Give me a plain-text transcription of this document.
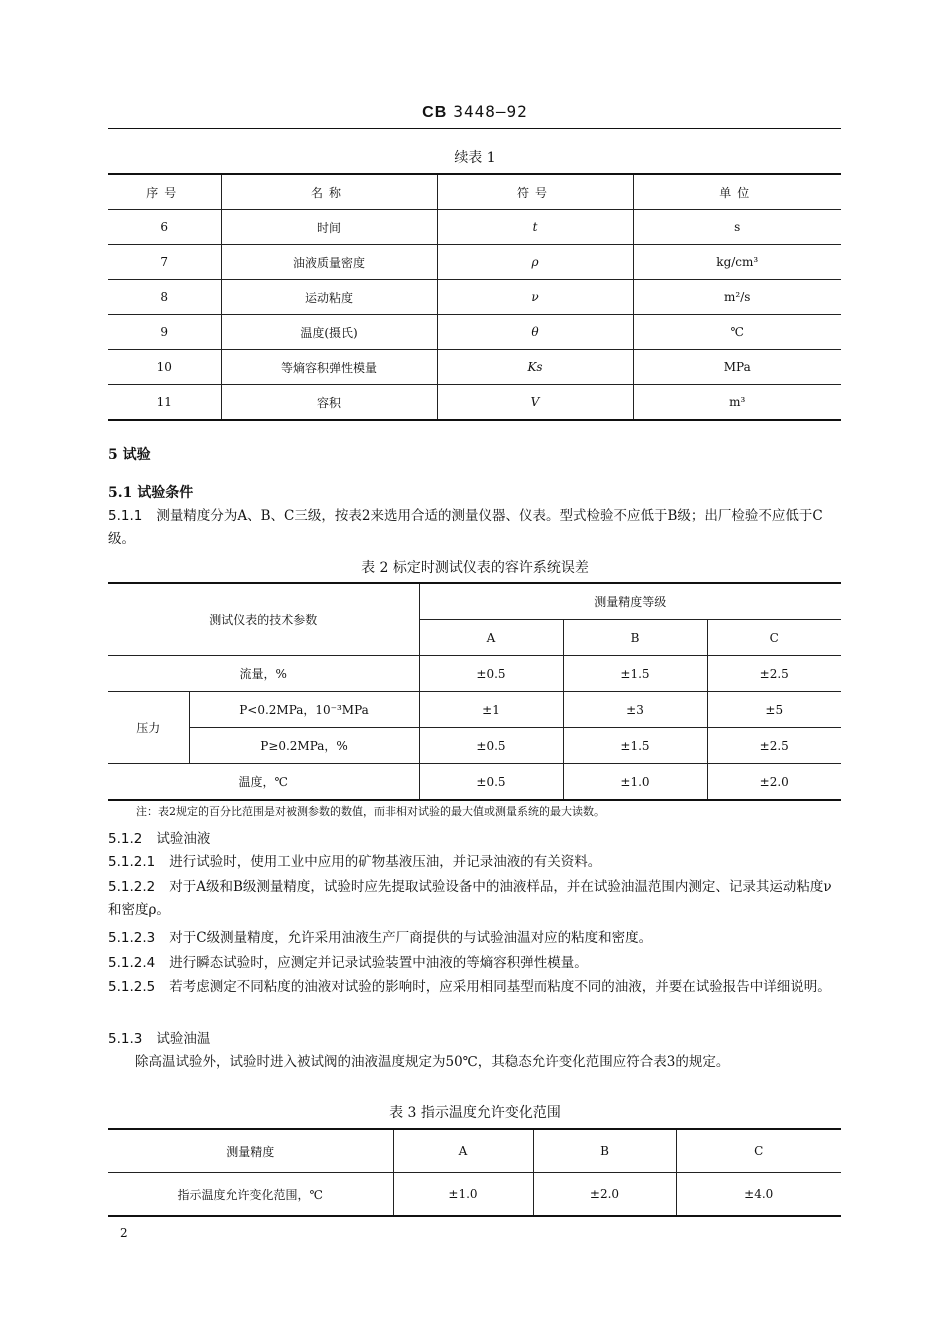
CB 3448—92
续表 1
序号	名称	符号	单位
6	时间	t	s
7	油液质量密度	ρ	kg/cm³
8	运动粘度	ν	m²/s
9	温度(摄氏)	θ	℃
10	等熵容积弹性模量	Ks	MPa
11	容积	V	m³
5 试验
5.1 试验条件
5.1.1 测量精度分为A、B、C三级，按表2来选用合适的测量仪器、仪表。型式检验不应低于B级；出厂检验不应低于C级。
表 2 标定时测试仪表的容许系统误差
测试仪表的技术参数		测量精度等级		
		A	B	C
流量，%		±0.5	±1.5	±2.5
压力	P<0.2MPa，10⁻³MPa	±1	±3	±5
	P≥0.2MPa，%	±0.5	±1.5	±2.5
温度，℃		±0.5	±1.0	±2.0
注：表2规定的百分比范围是对被测参数的数值，而非相对试验的最大值或测量系统的最大读数。
5.1.2 试验油液
5.1.2.1 进行试验时，使用工业中应用的矿物基液压油，并记录油液的有关资料。
5.1.2.2 对于A级和B级测量精度，试验时应先提取试验设备中的油液样品，并在试验油温范围内测定、记录其运动粘度ν和密度ρ。
5.1.2.3 对于C级测量精度，允许采用油液生产厂商提供的与试验油温对应的粘度和密度。
5.1.2.4 进行瞬态试验时，应测定并记录试验装置中油液的等熵容积弹性模量。
5.1.2.5 若考虑测定不同粘度的油液对试验的影响时，应采用相同基型而粘度不同的油液，并要在试验报告中详细说明。
5.1.3 试验油温
除高温试验外，试验时进入被试阀的油液温度规定为50℃，其稳态允许变化范围应符合表3的规定。
表 3 指示温度允许变化范围
测量精度	A	B	C
指示温度允许变化范围，℃	±1.0	±2.0	±4.0
2
